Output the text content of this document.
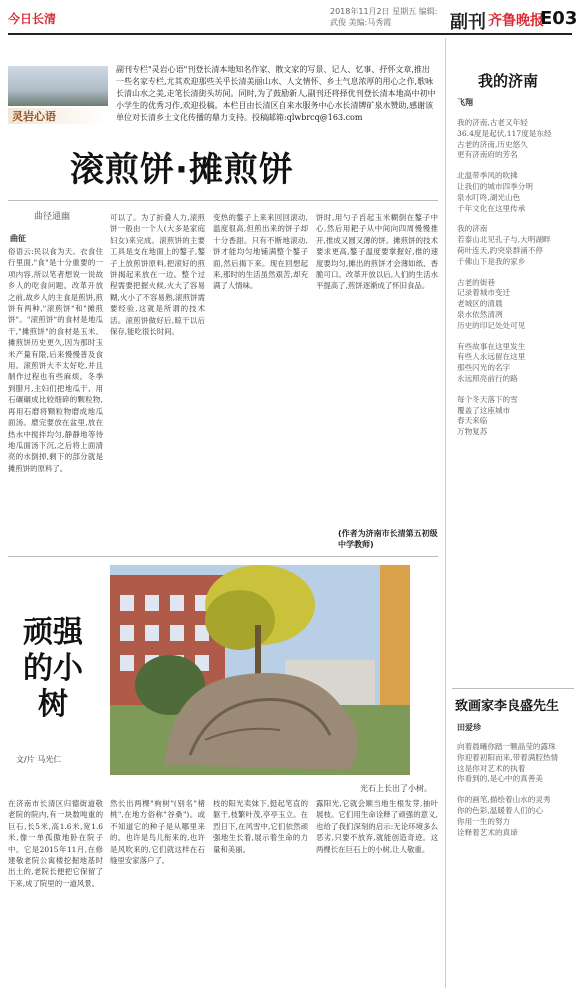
今日长清
2018年11月2日 星期五 编辑:武俊 美编:马秀霞	副刊 齐鲁晚报
E03
灵岩心语
副刊专栏"灵岩心语"刊登长清本地知名作家、散文家的写景、记人、忆事、抒怀文章,推出一些名家专栏,尤其欢迎那些关乎长清美丽山水、人文情怀、乡土气息浓厚的用心之作,歌咏长清山水之美,走笔长清街头坊间。同时,为了鼓励新人,副刊还将择优刊登长清本地高中初中小学生的优秀习作,欢迎投稿。本栏目由长清区自来水服务中心水长清牌矿泉水赞助,感谢该单位对长清乡土文化传播的鼎力支持。投稿邮箱:qlwbrcq@163.com
滚煎饼·摊煎饼
曲径通幽
曲征
俗语云:民以食为天。衣食住行里面,"食"是十分重要的一项内容,所以笔者想说一说故乡人的吃食问题。改革开放之前,故乡人的主食是煎饼,煎饼有两种,"滚煎饼"和"摊煎饼"。"滚煎饼"的食材是地瓜干,"摊煎饼"的食材是玉米、摊煎饼历史更久,因为那时玉米产量有限,后来慢慢普及食用。滚煎饼大不太好吃,并且制作过程也有些麻烦。冬季到腊月,主妇们把地瓜干、用石碾碾成比较细碎的颗粒物,再用石磨将颗粒物磨成地瓜面汤。磨完要放在盆里,放在热水中搅拌均匀,静静地等待地瓜面汤下沉,之后将上面清亮的水倒掉,剩下的部分就是摊煎饼的原料了。
可以了。为了折叠人力,滚煎饼一般由一个人(大多是家庭妇女)来完成。滚煎饼的主要工具是支在地面上的鏊子,鏊子上放煎饼原料,把滚好的煎饼揭起来放在一边。整个过程需要把握火候,火大了容易糊,火小了不容易熟,滚煎饼需要经验,这就是所谓的技术活。滚煎饼做好后,晾干以后保存,能吃很长时间。
变热的鏊子上来来回回滚动,温度很高,但煎出来的饼子却十分香甜。只有不断地滚动,饼才能均匀地铺满整个鏊子面,然后揭下来。现在回想起来,那时的生活虽然艰苦,却充满了人情味。
饼时,用勺子舀起玉米糊倒在鏊子中心,然后用耙子从中间向四周慢慢推开,推成又圆又薄的饼。摊煎饼的技术要求更高,鏊子温度要掌握好,推的速度要均匀,摊出的煎饼才会薄如纸、香脆可口。改革开放以后,人们的生活水平提高了,煎饼逐渐成了怀旧食品。
(作者为济南市长清第五初级中学教师)
顽强的小树
文/片 马光仁
光石上长出了小树。
在济南市长清区归德街道敬老院的院内,有一块数吨重的巨石,长5米,高1.6米,宽1.6米,像一单孤傲地卧在院子中。它是2015年11月,在修建敬老院公寓楼挖掘地基时出土的,老院长便把它保留了下来,成了院里的一道风景。
然长出两棵"枸树"(别名"楮桃",在地方俗称"谷桑")。或不知道它的种子是从哪里来的。也许是鸟儿衔来的,也许是风吹来的,它们就这样在石缝里安家落户了。
枝的阳光卖妹下,挺起笔直的躯干,枝繁叶茂,亭亭玉立。在烈日下,在风雪中,它们依然顽强地生长着,展示着生命的力量和美丽。
露阳光,它就会顺当地生根发芽,抽叶展枝。它们用生命诠释了顽强的意义,也给了我们深刻的启示:无论环境多么恶劣,只要不放弃,就能创造奇迹。这两棵长在巨石上的小树,让人敬重。
我的济南
飞翔
我的济南,古老又年轻
36.4度是起伏,117度是东经
古老的济南,历史悠久
更有济南府的芳名
北温带季风的吹拂
让我们的城市四季分明
泉水叮咚,湖光山色
千年文化在这里传承
我的济南
若泰山北见孔子与,大明湖畔
荷叶连天,趵突泉群涌不停
千佛山下是我的家乡
古老的街巷
记录着城市变迁
老城区的清晨
泉水依然清冽
历史的印记处处可见
有些故事在这里发生
有些人永远留在这里
那些闪光的名字
永远照亮前行的路
每个冬天落下的雪
覆盖了这座城市
春天来临
万物复苏
致画家李良盛先生
田爱珍
向着晨曦你踏一颗晶莹的露珠
你迎着初阳而来,带着满腔热情
这是你对艺术的执着
你看到的,是心中的真善美
你的画笔,描绘着山水的灵秀
你的色彩,温暖着人们的心
你用一生的努力
诠释着艺术的真谛
